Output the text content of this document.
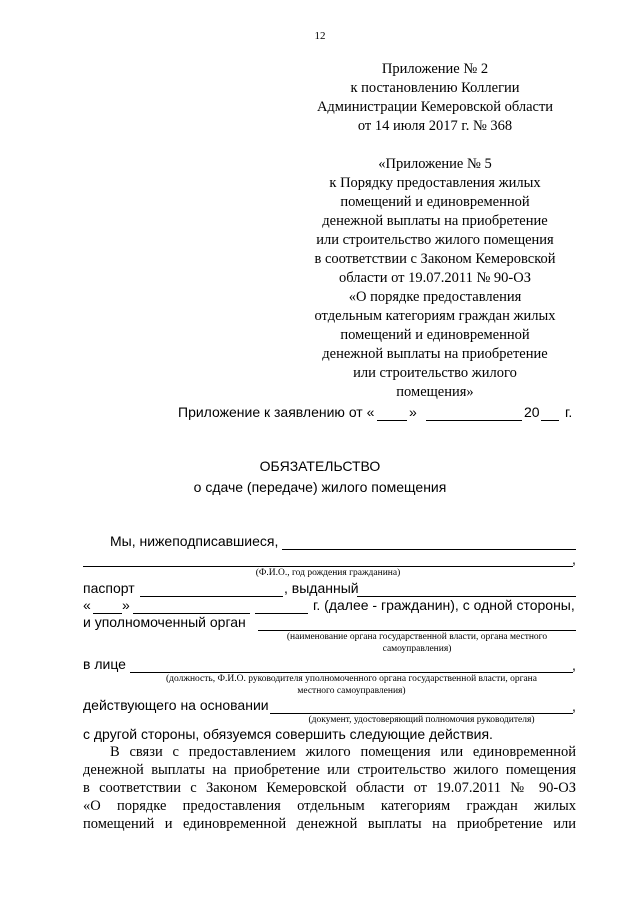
12
Приложение № 2
к постановлению Коллегии
Администрации Кемеровской области
от 14 июля 2017 г. № 368
«Приложение № 5
к Порядку предоставления жилых
помещений и единовременной
денежной выплаты на приобретение
или строительство жилого помещения
в соответствии с Законом Кемеровской
области от 19.07.2011 № 90-ОЗ
«О порядке предоставления
отдельным категориям граждан жилых
помещений и единовременной
денежной выплаты на приобретение
или строительство жилого
помещения»
Приложение к заявлению от « »	20 г.
ОБЯЗАТЕЛЬСТВО
о сдаче (передаче) жилого помещения
Мы, нижеподписавшиеся,
,
(Ф.И.О., год рождения гражданина)
паспорт	, выданный
« »	г. (далее - гражданин), с одной стороны,
и уполномоченный орган
(наименование органа государственной власти, органа местного
самоуправления)
в лице	,
(должность, Ф.И.О. руководителя уполномоченного органа государственной власти, органа
местного самоуправления)
действующего на основании	,
(документ, удостоверяющий полномочия руководителя)
с другой стороны, обязуемся совершить следующие действия.
В связи с предоставлением жилого помещения или единовременной
денежной выплаты на приобретение или строительство жилого помещения
в соответствии с Законом Кемеровской области от 19.07.2011 № 90-ОЗ
«О порядке предоставления отдельным категориям граждан жилых
помещений и единовременной денежной выплаты на приобретение или
